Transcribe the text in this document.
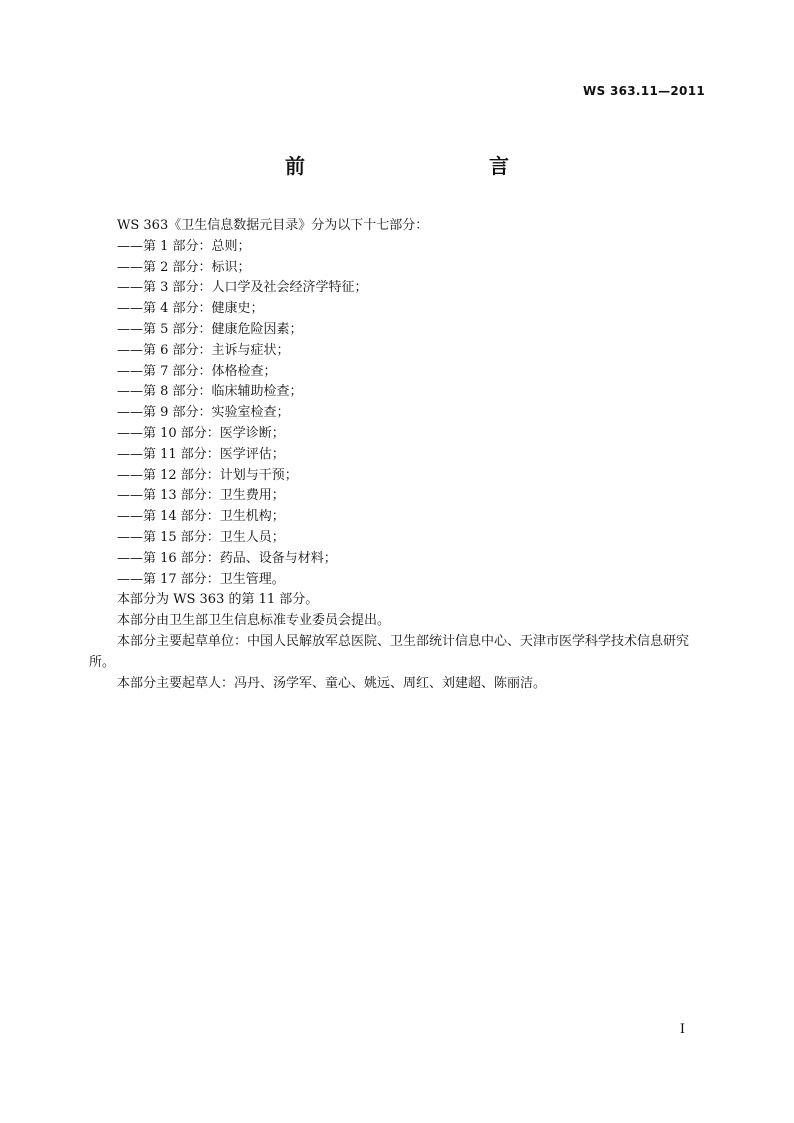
WS 363.11—2011
前　　言

WS 363《卫生信息数据元目录》分为以下十七部分：

——第 1 部分：总则；
——第 2 部分：标识；
——第 3 部分：人口学及社会经济学特征；
——第 4 部分：健康史；
——第 5 部分：健康危险因素；
——第 6 部分：主诉与症状；
——第 7 部分：体格检查；
——第 8 部分：临床辅助检查；
——第 9 部分：实验室检查；
——第 10 部分：医学诊断；
——第 11 部分：医学评估；
——第 12 部分：计划与干预；
——第 13 部分：卫生费用；
——第 14 部分：卫生机构；
——第 15 部分：卫生人员；
——第 16 部分：药品、设备与材料；
——第 17 部分：卫生管理。

本部分为 WS 363 的第 11 部分。

本部分由卫生部卫生信息标准专业委员会提出。

本部分主要起草单位：中国人民解放军总医院、卫生部统计信息中心、天津市医学科学技术信息研究所。

本部分主要起草人：冯丹、汤学军、童心、姚远、周红、刘建超、陈丽洁。

I
